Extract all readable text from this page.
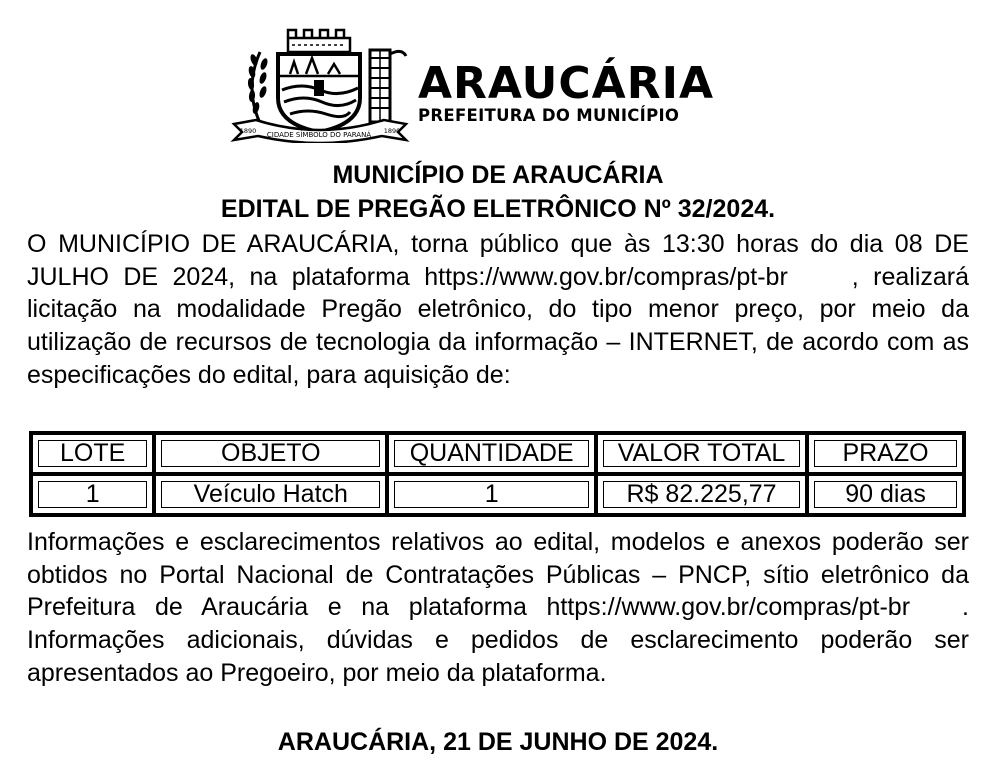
CIDADE SÍMBOLO DO PARANÁ
1890	1890
ARAUCÁRIA
PREFEITURA DO MUNICÍPIO
MUNICÍPIO DE ARAUCÁRIA
EDITAL DE PREGÃO ELETRÔNICO Nº 32/2024.

O MUNICÍPIO DE ARAUCÁRIA, torna público que às 13:30 horas do dia 08 DE JULHO DE 2024, na plataforma https://www.gov.br/compras/pt-br	, realizará licitação na modalidade Pregão eletrônico, do tipo menor preço, por meio da utilização de recursos de tecnologia da informação – INTERNET, de acordo com as especificações do edital, para aquisição de:

LOTE	OBJETO	QUANTIDADE	VALOR TOTAL	PRAZO
1	Veículo Hatch	1	R$ 82.225,77	90 dias

Informações e esclarecimentos relativos ao edital, modelos e anexos poderão ser obtidos no Portal Nacional de Contratações Públicas – PNCP, sítio eletrônico da Prefeitura de Araucária e na plataforma https://www.gov.br/compras/pt-br . Informações adicionais, dúvidas e pedidos de esclarecimento poderão ser apresentados ao Pregoeiro, por meio da plataforma.

ARAUCÁRIA, 21 DE JUNHO DE 2024.
